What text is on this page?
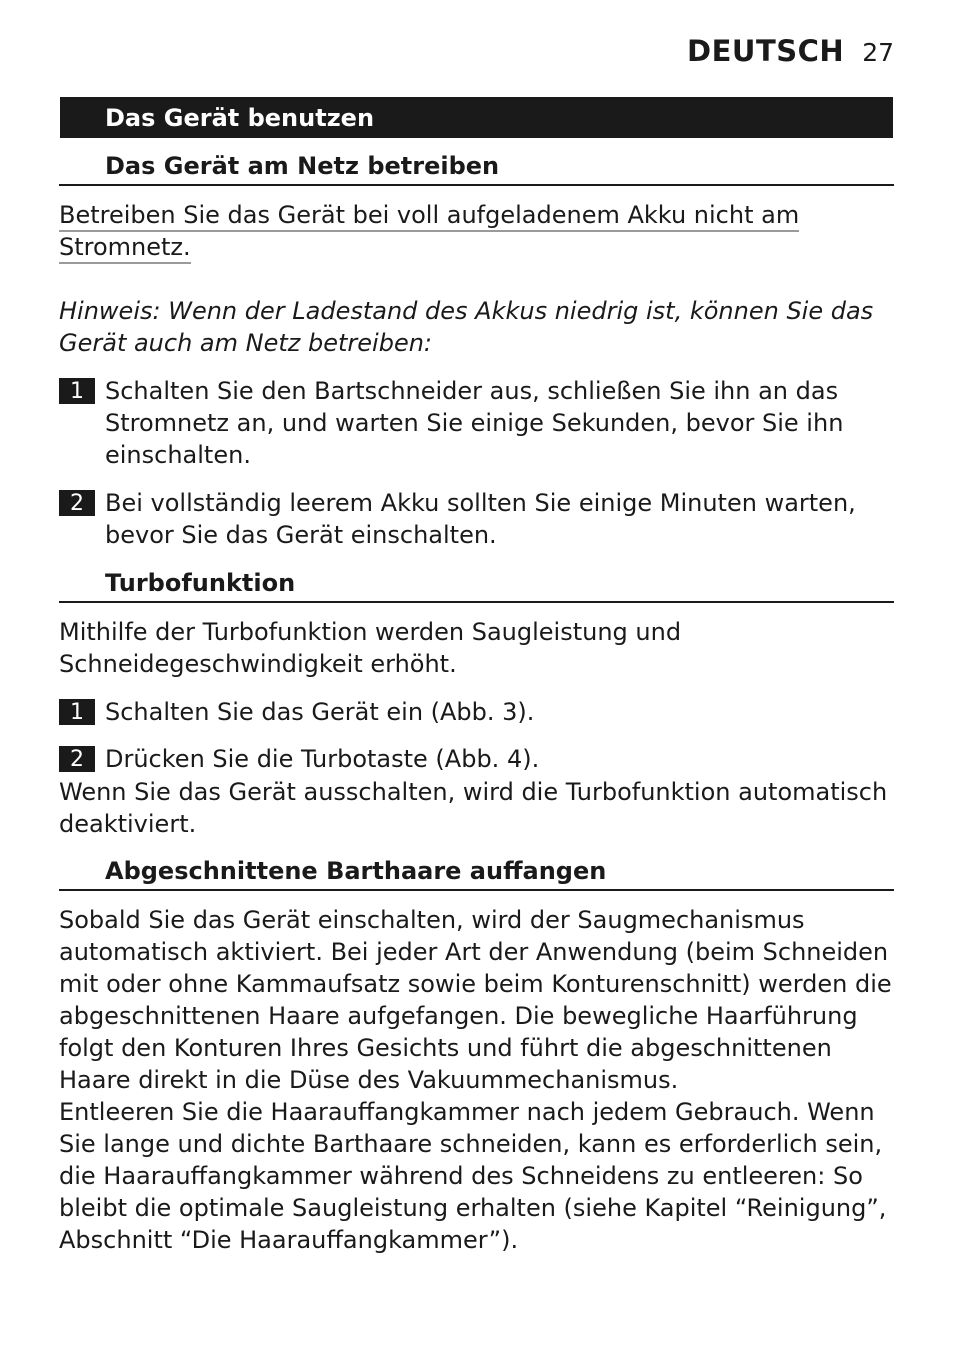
DEUTSCH 27
Das Gerät benutzen
Das Gerät am Netz betreiben
Betreiben Sie das Gerät bei voll aufgeladenem Akku nicht am
Stromnetz.
Hinweis: Wenn der Ladestand des Akkus niedrig ist, können Sie das Gerät auch am Netz betreiben:
1 Schalten Sie den Bartschneider aus, schließen Sie ihn an das Stromnetz an, und warten Sie einige Sekunden, bevor Sie ihn einschalten.
2 Bei vollständig leerem Akku sollten Sie einige Minuten warten, bevor Sie das Gerät einschalten.
Turbofunktion
Mithilfe der Turbofunktion werden Saugleistung und Schneidegeschwindigkeit erhöht.
1 Schalten Sie das Gerät ein (Abb. 3).
2 Drücken Sie die Turbotaste (Abb. 4).
Wenn Sie das Gerät ausschalten, wird die Turbofunktion automatisch deaktiviert.
Abgeschnittene Barthaare auffangen
Sobald Sie das Gerät einschalten, wird der Saugmechanismus automatisch aktiviert. Bei jeder Art der Anwendung (beim Schneiden mit oder ohne Kammaufsatz sowie beim Konturenschnitt) werden die abgeschnittenen Haare aufgefangen. Die bewegliche Haarführung folgt den Konturen Ihres Gesichts und führt die abgeschnittenen Haare direkt in die Düse des Vakuummechanismus.
Entleeren Sie die Haarauffangkammer nach jedem Gebrauch. Wenn Sie lange und dichte Barthaare schneiden, kann es erforderlich sein, die Haarauffangkammer während des Schneidens zu entleeren: So bleibt die optimale Saugleistung erhalten (siehe Kapitel “Reinigung”, Abschnitt “Die Haarauffangkammer”).
